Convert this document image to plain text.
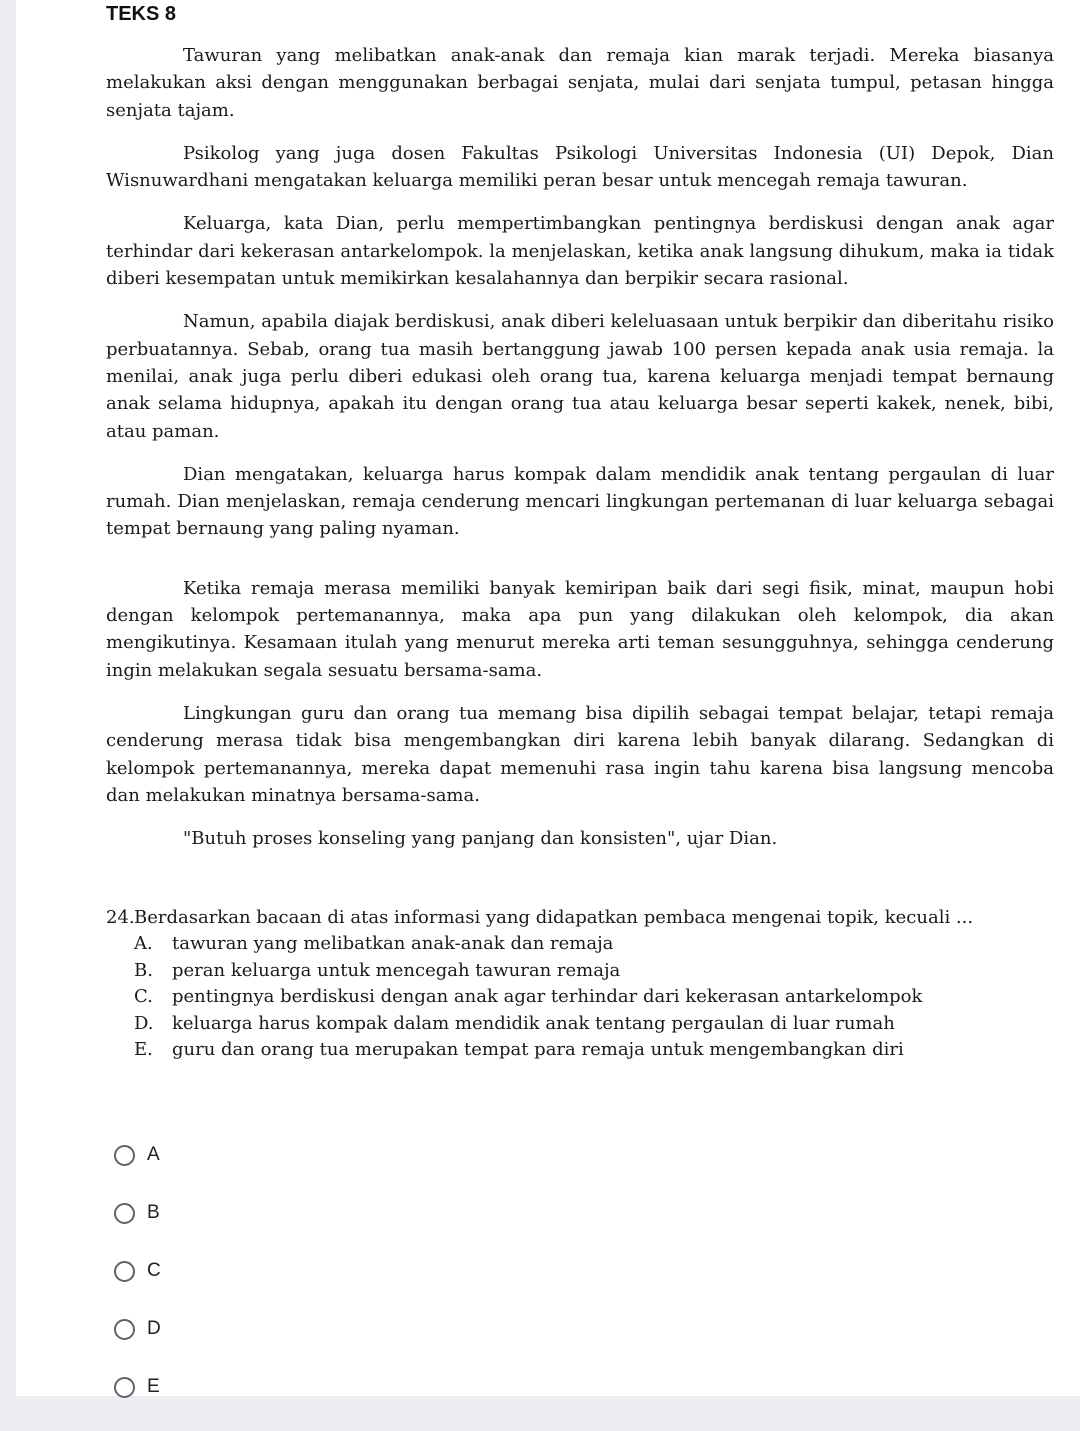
TEKS 8

Tawuran yang melibatkan anak-anak dan remaja kian marak terjadi. Mereka biasanya melakukan aksi dengan menggunakan berbagai senjata, mulai dari senjata tumpul, petasan hingga senjata tajam.

Psikolog yang juga dosen Fakultas Psikologi Universitas Indonesia (UI) Depok, Dian Wisnuwardhani mengatakan keluarga memiliki peran besar untuk mencegah remaja tawuran.

Keluarga, kata Dian, perlu mempertimbangkan pentingnya berdiskusi dengan anak agar terhindar dari kekerasan antarkelompok. la menjelaskan, ketika anak langsung dihukum, maka ia tidak diberi kesempatan untuk memikirkan kesalahannya dan berpikir secara rasional.

Namun, apabila diajak berdiskusi, anak diberi keleluasaan untuk berpikir dan diberitahu risiko perbuatannya. Sebab, orang tua masih bertanggung jawab 100 persen kepada anak usia remaja. la menilai, anak juga perlu diberi edukasi oleh orang tua, karena keluarga menjadi tempat bernaung anak selama hidupnya, apakah itu dengan orang tua atau keluarga besar seperti kakek, nenek, bibi, atau paman.

Dian mengatakan, keluarga harus kompak dalam mendidik anak tentang pergaulan di luar rumah. Dian menjelaskan, remaja cenderung mencari lingkungan pertemanan di luar keluarga sebagai tempat bernaung yang paling nyaman.

Ketika remaja merasa memiliki banyak kemiripan baik dari segi fisik, minat, maupun hobi dengan kelompok pertemanannya, maka apa pun yang dilakukan oleh kelompok, dia akan mengikutinya. Kesamaan itulah yang menurut mereka arti teman sesungguhnya, sehingga cenderung ingin melakukan segala sesuatu bersama-sama.

Lingkungan guru dan orang tua memang bisa dipilih sebagai tempat belajar, tetapi remaja cenderung merasa tidak bisa mengembangkan diri karena lebih banyak dilarang. Sedangkan di kelompok pertemanannya, mereka dapat memenuhi rasa ingin tahu karena bisa langsung mencoba dan melakukan minatnya bersama-sama.

"Butuh proses konseling yang panjang dan konsisten", ujar Dian.

24. Berdasarkan bacaan di atas informasi yang didapatkan pembaca mengenai topik, kecuali ...
A.	tawuran yang melibatkan anak-anak dan remaja
B.	peran keluarga untuk mencegah tawuran remaja
C.	pentingnya berdiskusi dengan anak agar terhindar dari kekerasan antarkelompok
D.	keluarga harus kompak dalam mendidik anak tentang pergaulan di luar rumah
E.	guru dan orang tua merupakan tempat para remaja untuk mengembangkan diri
A
B
C
D
E
